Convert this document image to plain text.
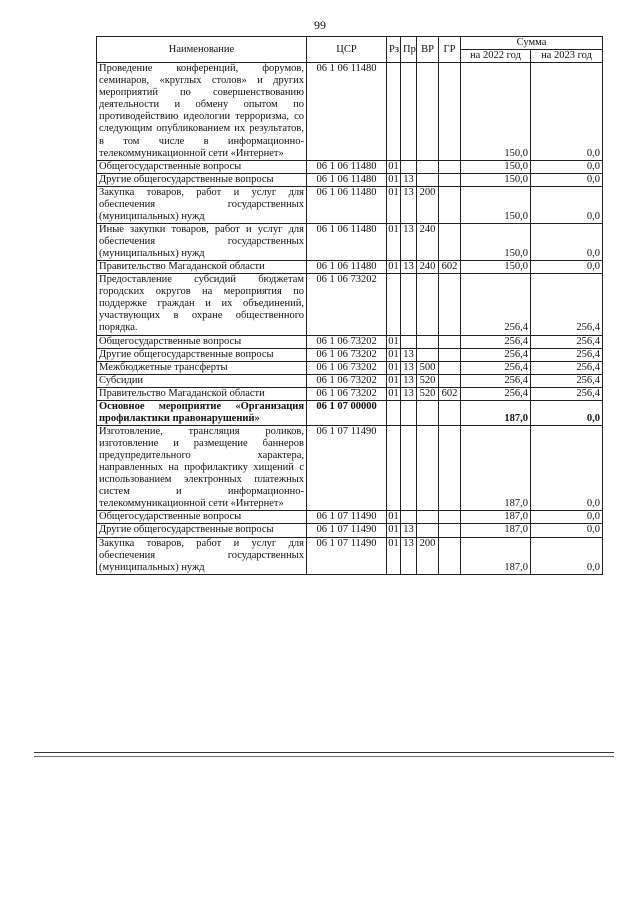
99
Наименование	ЦСР	Рз	Пр	ВР	ГР	Сумма	
						на 2022 год	на 2023 год
Проведение конференций, форумов, семинаров, «круглых столов» и других мероприятий по совершенствованию деятельности и обмену опытом по противодействию идеологии терроризма, со следующим опубликованием их результатов, в том числе в информационно-телекоммуникационной сети «Интернет»	06 1 06 11480					150,0	0,0
Общегосударственные вопросы	06 1 06 11480	01				150,0	0,0
Другие общегосударственные вопросы	06 1 06 11480	01	13			150,0	0,0
Закупка товаров, работ и услуг для обеспечения государственных (муниципальных) нужд	06 1 06 11480	01	13	200		150,0	0,0
Иные закупки товаров, работ и услуг для обеспечения государственных (муниципальных) нужд	06 1 06 11480	01	13	240		150,0	0,0
Правительство Магаданской области	06 1 06 11480	01	13	240	602	150,0	0,0
Предоставление субсидий бюджетам городских округов на мероприятия по поддержке граждан и их объединений, участвующих в охране общественного порядка.	06 1 06 73202					256,4	256,4
Общегосударственные вопросы	06 1 06 73202	01				256,4	256,4
Другие общегосударственные вопросы	06 1 06 73202	01	13			256,4	256,4
Межбюджетные трансферты	06 1 06 73202	01	13	500		256,4	256,4
Субсидии	06 1 06 73202	01	13	520		256,4	256,4
Правительство Магаданской области	06 1 06 73202	01	13	520	602	256,4	256,4
Основное мероприятие «Организация профилактики правонарушений»	06 1 07 00000					187,0	0,0
Изготовление, трансляция роликов, изготовление и размещение баннеров предупредительного характера, направленных на профилактику хищений с использованием электронных платежных систем и информационно-телекоммуникационной сети «Интернет»	06 1 07 11490					187,0	0,0
Общегосударственные вопросы	06 1 07 11490	01				187,0	0,0
Другие общегосударственные вопросы	06 1 07 11490	01	13			187,0	0,0
Закупка товаров, работ и услуг для обеспечения государственных (муниципальных) нужд	06 1 07 11490	01	13	200		187,0	0,0
